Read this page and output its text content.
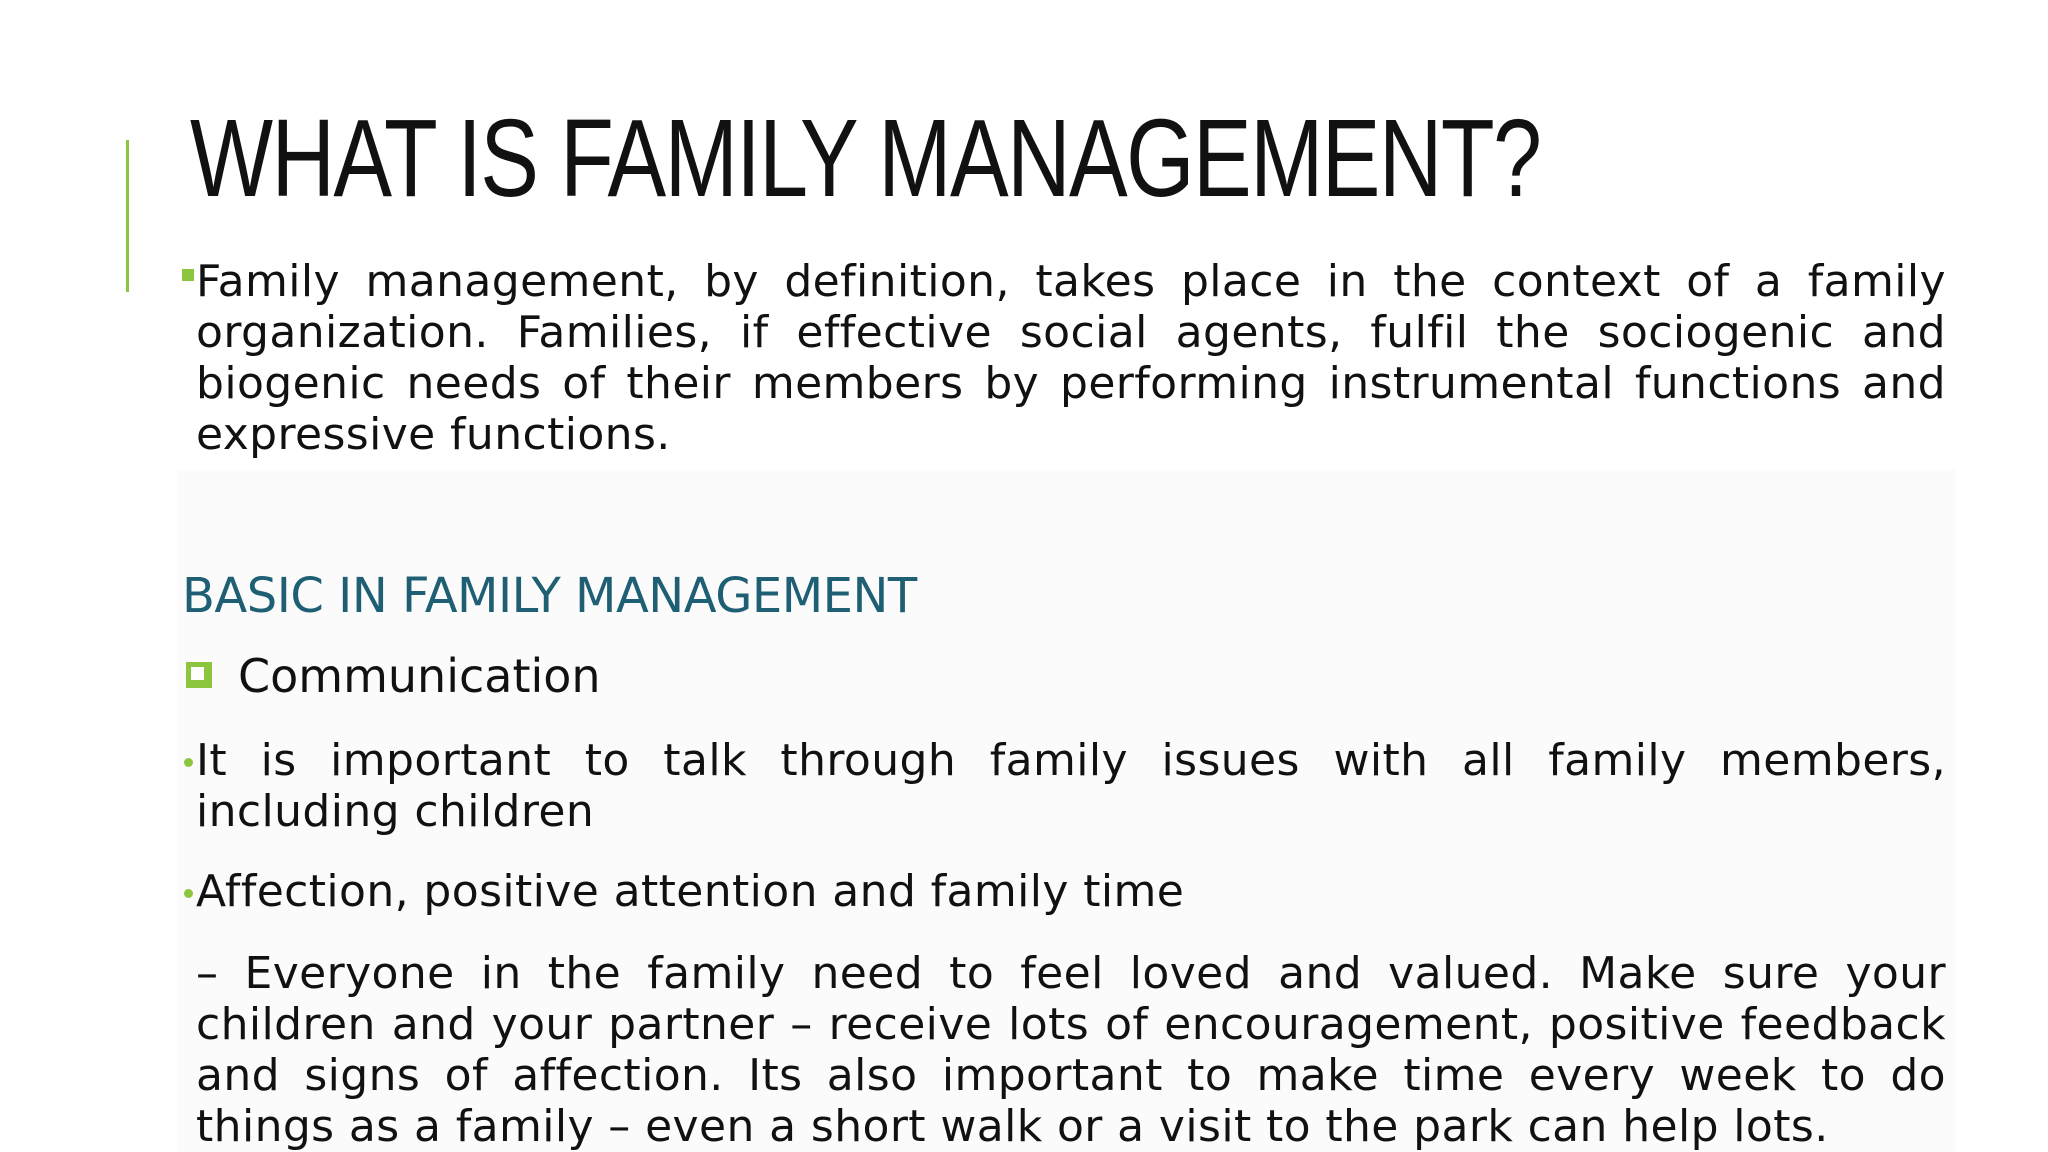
WHAT IS FAMILY MANAGEMENT?

Family management, by definition, takes place in the context of a family organization. Families, if effective social agents, fulfil the sociogenic and biogenic needs of their members by performing instrumental functions and expressive functions.

BASIC IN FAMILY MANAGEMENT
Communication

It is important to talk through family issues with all family members, including children

Affection, positive attention and family time

– Everyone in the family need to feel loved and valued. Make sure your children and your partner – receive lots of encouragement, positive feedback and signs of affection. Its also important to make time every week to do things as a family – even a short walk or a visit to the park can help lots.
